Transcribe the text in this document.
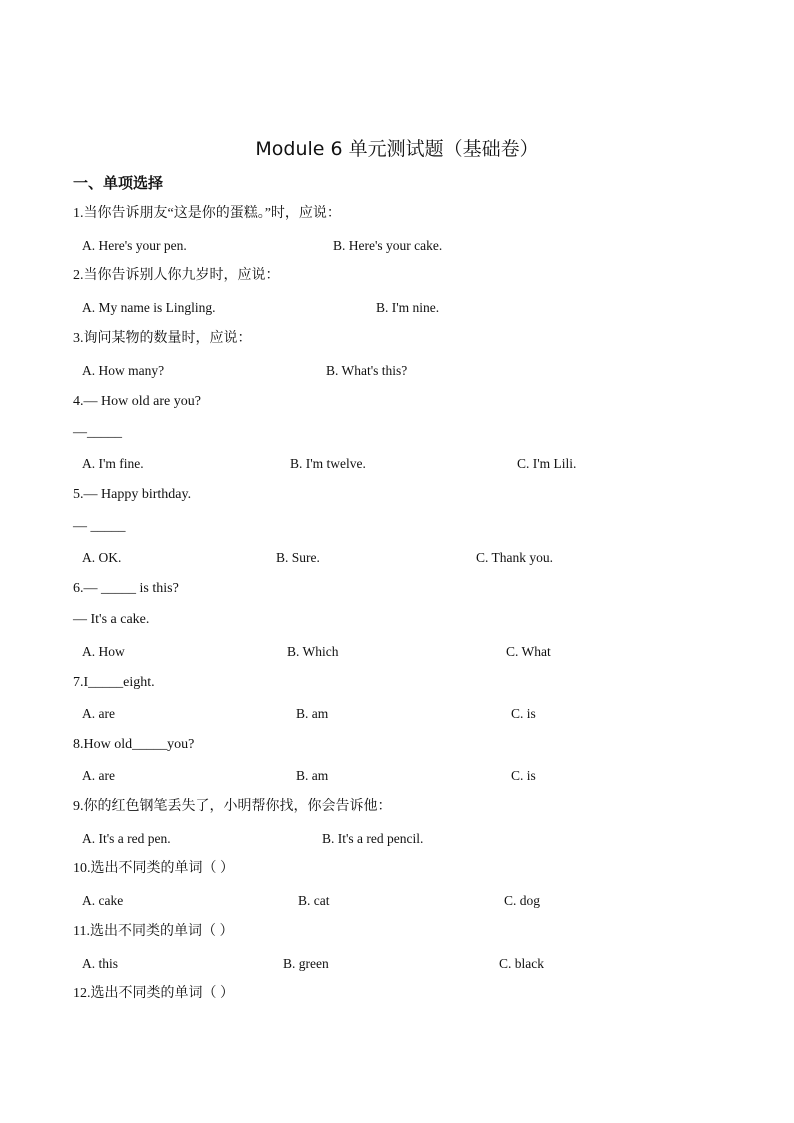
Module 6 单元测试题（基础卷）
一、单项选择
1.当你告诉朋友“这是你的蛋糕。”时，应说：
A. Here's your pen.	B. Here's your cake.
2.当你告诉别人你九岁时，应说：
A. My name is Lingling.	B. I'm nine.
3.询问某物的数量时，应说：
A. How many?	B. What's this?
4.— How old are you?
—_____
A. I'm fine.	B. I'm twelve.	C. I'm Lili.
5.— Happy birthday.
— _____
A. OK.	B. Sure.	C. Thank you.
6.— _____ is this?
— It's a cake.
A. How	B. Which	C. What
7.I_____eight.
A. are	B. am	C. is
8.How old_____you?
A. are	B. am	C. is
9.你的红色钢笔丢失了，小明帮你找，你会告诉他：
A. It's a red pen.	B. It's a red pencil.
10.选出不同类的单词（ ）
A. cake	B. cat	C. dog
11.选出不同类的单词（ ）
A. this	B. green	C. black
12.选出不同类的单词（ ）
